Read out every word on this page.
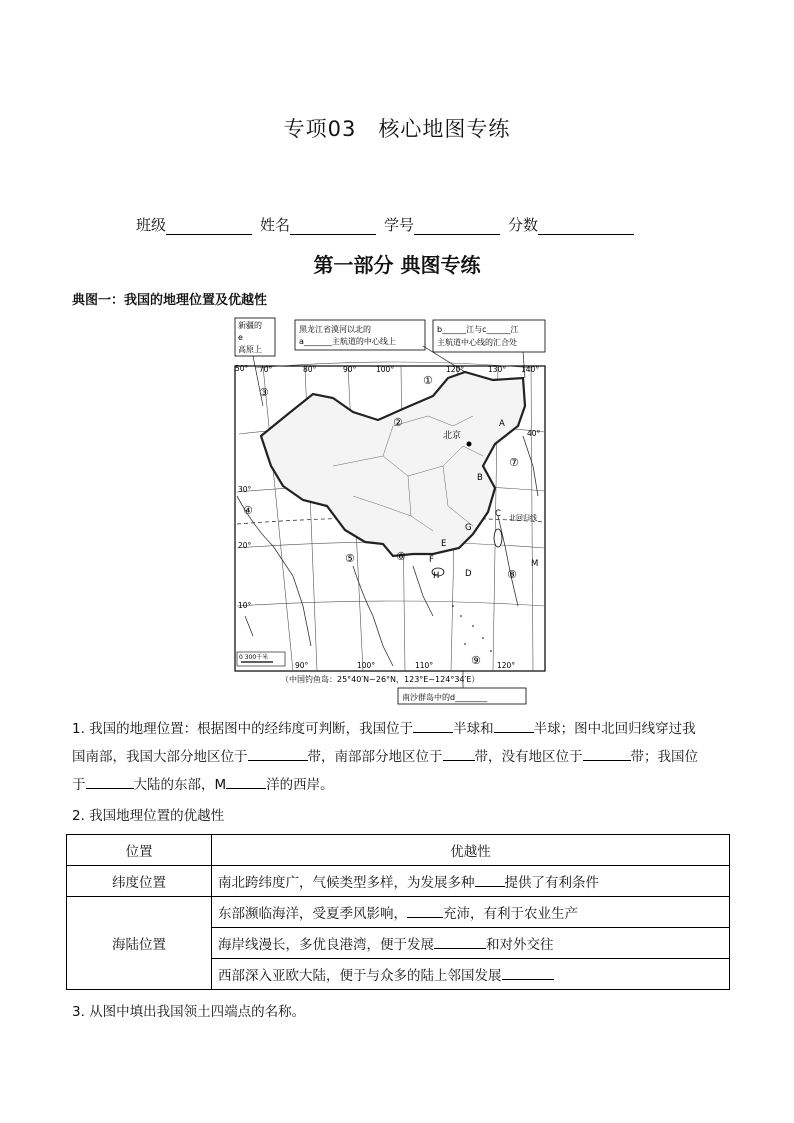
专项03　核心地图专练
班级	姓名	学号	分数
第一部分 典图专练
典图一：我国的地理位置及优越性
北京
新疆的
e
高原上
黑龙江省漠河以北的
a_______主航道的中心线上
b______江与c______江
主航道中心线的汇合处
50°
40°
30°
20°
10°
70°	80°	90°	100°	120°	130° 140°
90°	100°	110°	120°
北回归线
①
②
③
④
⑤	⑥
⑦
⑧
⑨
A
B
C
D
E
F
G
H
M
0 300千米
（中国钓鱼岛：25°40′N~26°N，123°E~124°34′E）
南沙群岛中的d________
1. 我国的地理位置：根据图中的经纬度可判断，我国位于	半球和	半球；图中北回归线穿过我
国南部，我国大部分地区位于	带，南部部分地区位于 带，没有地区位于	带；我国位
于	大陆的东部，M	洋的西岸。
2. 我国地理位置的优越性
位置	优越性
纬度位置	南北跨纬度广，气候类型多样，为发展多种 提供了有利条件
海陆位置	东部濒临海洋，受夏季风影响， 充沛，有利于农业生产
	海岸线漫长，多优良港湾，便于发展 和对外交往
	西部深入亚欧大陆，便于与众多的陆上邻国发展
3. 从图中填出我国领土四端点的名称。
